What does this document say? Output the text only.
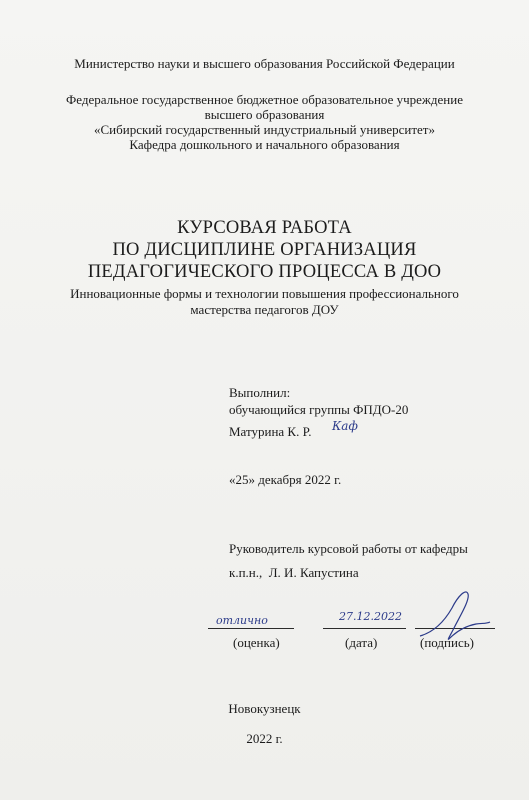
Министерство науки и высшего образования Российской Федерации
Федеральное государственное бюджетное образовательное учреждение
высшего образования
«Сибирский государственный индустриальный университет»
Кафедра дошкольного и начального образования
КУРСОВАЯ РАБОТА
ПО ДИСЦИПЛИНЕ ОРГАНИЗАЦИЯ
ПЕДАГОГИЧЕСКОГО ПРОЦЕССА В ДОО
Инновационные формы и технологии повышения профессионального
мастерства педагогов ДОУ
Выполнил:
обучающийся группы ФПДО-20
Матурина К. Р. Каф
«25» декабря 2022 г.
Руководитель курсовой работы от кафедры
к.п.н., Л. И. Капустина
отлично	27.12.2022
(оценка)	(дата)	(подпись)
Новокузнецк
2022 г.
